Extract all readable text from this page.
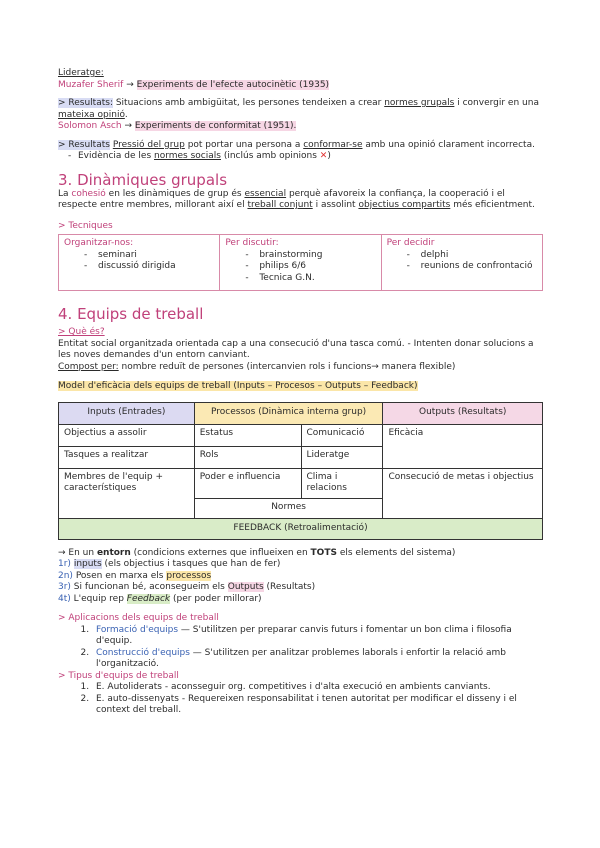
Lideratge:

Muzafer Sherif → Experiments de l'efecte autocinètic (1935)

> Resultats: Situacions amb ambigüitat, les persones tendeixen a crear normes grupals i convergir en una mateixa opinió.

Solomon Asch → Experiments de conformitat (1951).

> Resultats Pressió del grup pot portar una persona a conformar-se amb una opinió clarament incorrecta.

- Evidència de les normes socials (inclús amb opinions ✕)

3. Dinàmiques grupals

La cohesió en les dinàmiques de grup és essencial perquè afavoreix la confiança, la cooperació i el respecte entre membres, millorant així el treball conjunt i assolint objectius compartits més eficientment.

> Tecniques

Organitzar-nos:
- seminari
- discussió dirigida
Per discutir:
- brainstorming
- philips 6/6
- Tecnica G.N.
Per decidir
- delphi
- reunions de confrontació
4. Equips de treball

> Què és?

Entitat social organitzada orientada cap a una consecució d'una tasca comú. - Intenten donar solucions a les noves demandes d'un entorn canviant.

Compost per: nombre reduït de persones (intercanvien rols i funcions→ manera flexible)

Model d'eficàcia dels equips de treball (Inputs – Procesos – Outputs – Feedback)

Inputs (Entrades)	Processos (Dinàmica interna grup)		Outputs (Resultats)
Objectius a assolir	Estatus	Comunicació	Eficàcia
Tasques a realitzar	Rols	Lideratge	
Membres de l'equip + característiques	Poder e influencia	Clima i relacions	Consecució de metas i objectius
	Normes		
FEEDBACK (Retroalimentació)			

→ En un entorn (condicions externes que influeixen en TOTS els elements del sistema)

1r) inputs (els objectius i tasques que han de fer)

2n) Posen en marxa els processos

3r) Si funcionan bé, aconsegueim els Outputs (Resultats)

4t) L'equip rep Feedback (per poder millorar)

> Aplicacions dels equips de treball

1. Formació d'equips — S'utilitzen per preparar canvis futurs i fomentar un bon clima i filosofia d'equip.
2. Construcció d'equips — S'utilitzen per analitzar problemes laborals i enfortir la relació amb l'organització.

> Tipus d'equips de treball

1. E. Autoliderats - aconsseguir org. competitives i d'alta execució en ambients canviants.
2. E. auto-dissenyats - Requereixen responsabilitat i tenen autoritat per modificar el disseny i el context del treball.
